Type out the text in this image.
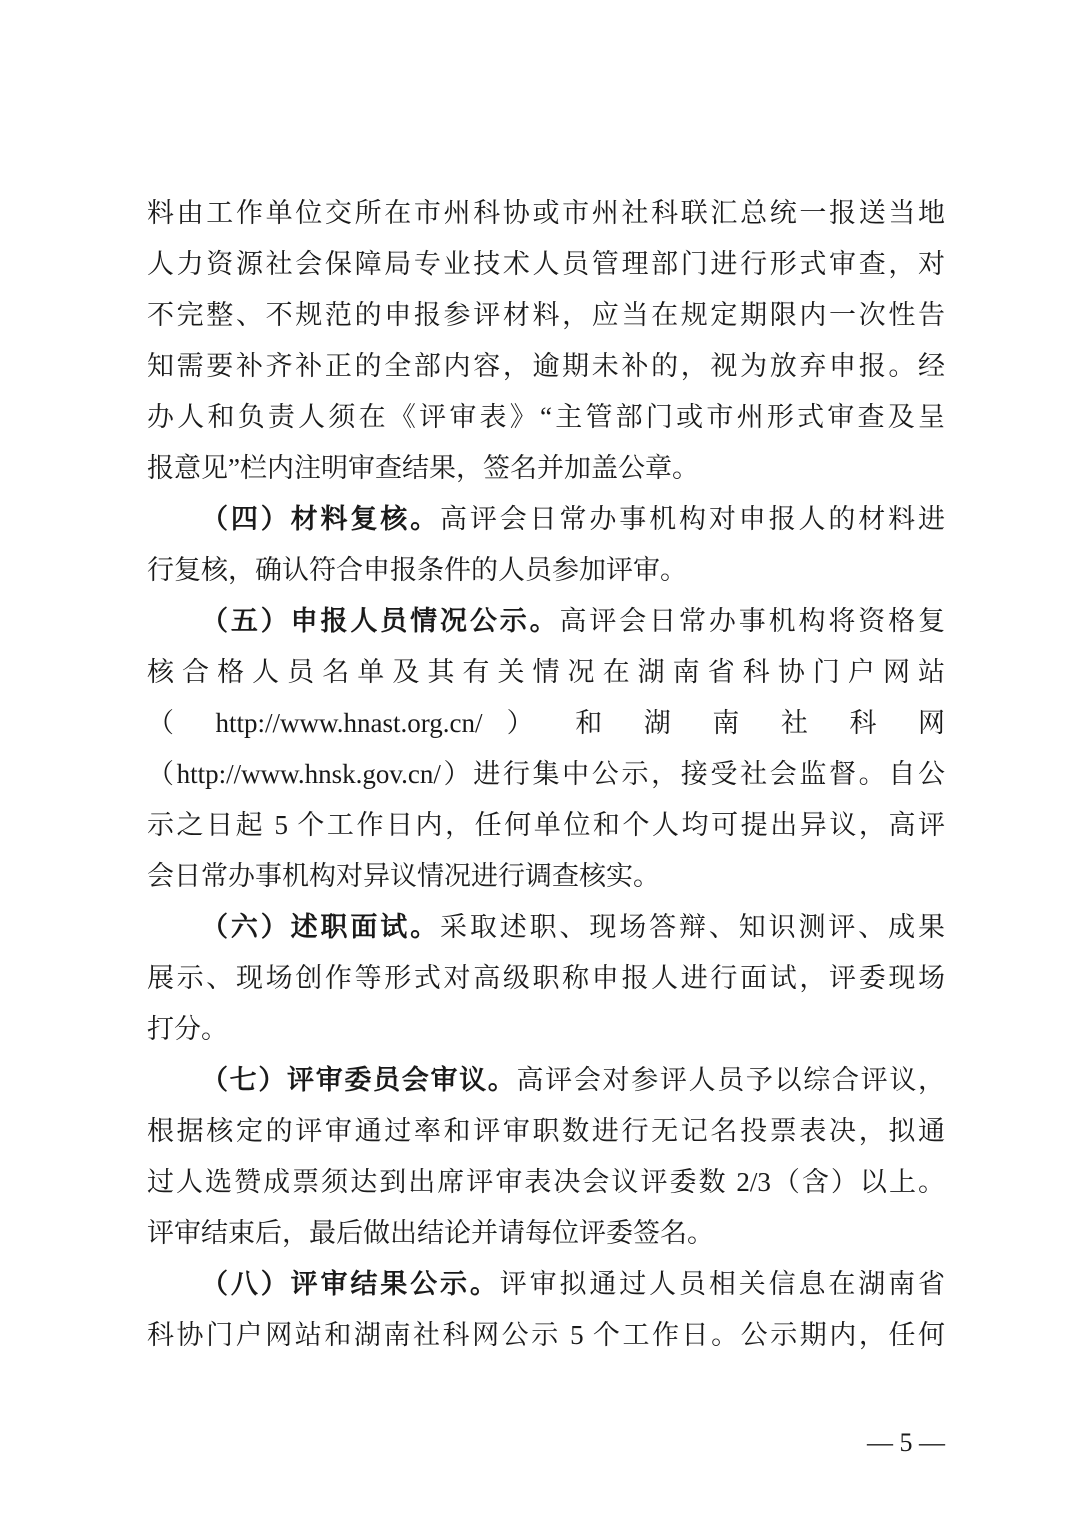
料由工作单位交所在市州科协或市州社科联汇总统一报送当地
人力资源社会保障局专业技术人员管理部门进行形式审查，对
不完整、不规范的申报参评材料，应当在规定期限内一次性告
知需要补齐补正的全部内容，逾期未补的，视为放弃申报。经
办人和负责人须在《评审表》“主管部门或市州形式审查及呈
报意见”栏内注明审查结果，签名并加盖公章。
（四）材料复核。高评会日常办事机构对申报人的材料进
行复核，确认符合申报条件的人员参加评审。
（五）申报人员情况公示。高评会日常办事机构将资格复
核合格人员名单及其有关情况在湖南省科协门户网站
（ http://www.hnast.org.cn/ ） 和 湖 南 社 科 网
（http://www.hnsk.gov.cn/）进行集中公示，接受社会监督。自公
示之日起 5 个工作日内，任何单位和个人均可提出异议，高评
会日常办事机构对异议情况进行调查核实。
（六）述职面试。采取述职、现场答辩、知识测评、成果
展示、现场创作等形式对高级职称申报人进行面试，评委现场
打分。
（七）评审委员会审议。高评会对参评人员予以综合评议，
根据核定的评审通过率和评审职数进行无记名投票表决，拟通
过人选赞成票须达到出席评审表决会议评委数 2/3（含）以上。
评审结束后，最后做出结论并请每位评委签名。
（八）评审结果公示。评审拟通过人员相关信息在湖南省
科协门户网站和湖南社科网公示 5 个工作日。公示期内，任何
— 5 —
